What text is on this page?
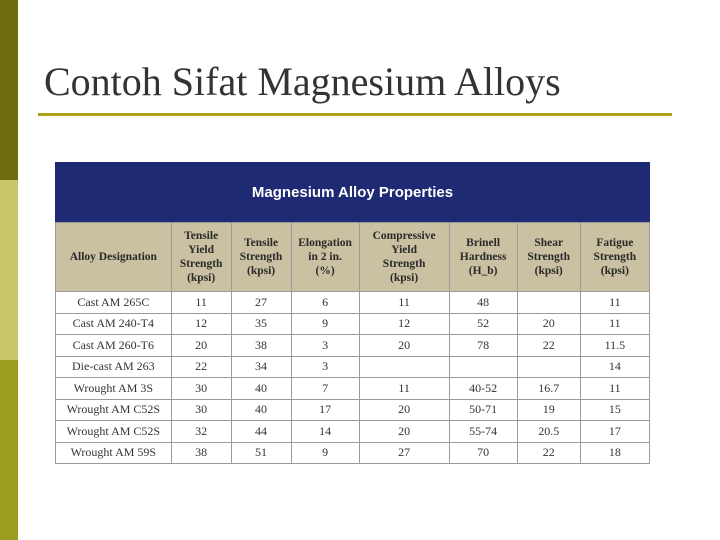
Contoh Sifat Magnesium Alloys
Magnesium Alloy Properties
Alloy Designation	Tensile
Yield
Strength
(kpsi)	Tensile
Strength
(kpsi)	Elongation
in 2 in.
(%)	Compressive
Yield
Strength
(kpsi)	Brinell
Hardness
(H_b)	Shear
Strength
(kpsi)	Fatigue
Strength
(kpsi)

Cast AM 265C	11	27	6	11	48		11
Cast AM 240-T4	12	35	9	12	52	20	11
Cast AM 260-T6	20	38	3	20	78	22	11.5
Die-cast AM 263	22	34	3				14
Wrought AM 3S	30	40	7	11	40-52	16.7	11
Wrought AM C52S	30	40	17	20	50-71	19	15
Wrought AM C52S	32	44	14	20	55-74	20.5	17
Wrought AM 59S	38	51	9	27	70	22	18
